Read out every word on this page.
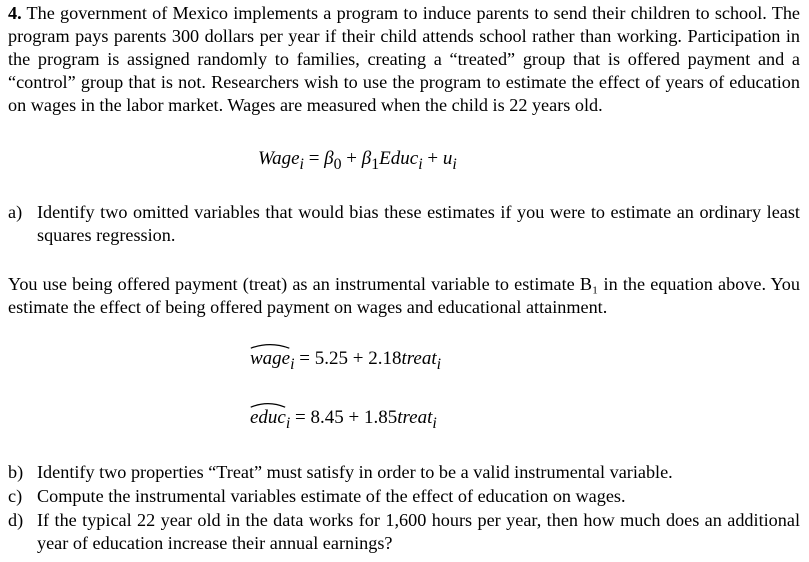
4. The government of Mexico implements a program to induce parents to send their children to school. The program pays parents 300 dollars per year if their child attends school rather than working. Participation in the program is assigned randomly to families, creating a “treated” group that is offered payment and a “control” group that is not. Researchers wish to use the program to estimate the effect of years of education on wages in the labor market. Wages are measured when the child is 22 years old.

Wage$_i$ = $\beta_0$ + $\beta_1Educ_i + u_i$
a) Identify two omitted variables that would bias these estimates if you were to estimate an ordinary least squares regression.

You use being offered payment (treat) as an instrumental variable to estimate B₁ in the equation above. You estimate the effect of being offered payment on wages and educational attainment.

wage$_i$ = 5.25 + 2.18treat$_i$
educ$_i$ = 8.45 + 1.85treat$_i$
b) Identify two properties “Treat” must satisfy in order to be a valid instrumental variable.
c) Compute the instrumental variables estimate of the effect of education on wages.
d) If the typical 22 year old in the data works for 1,600 hours per year, then how much does an additional year of education increase their annual earnings?
